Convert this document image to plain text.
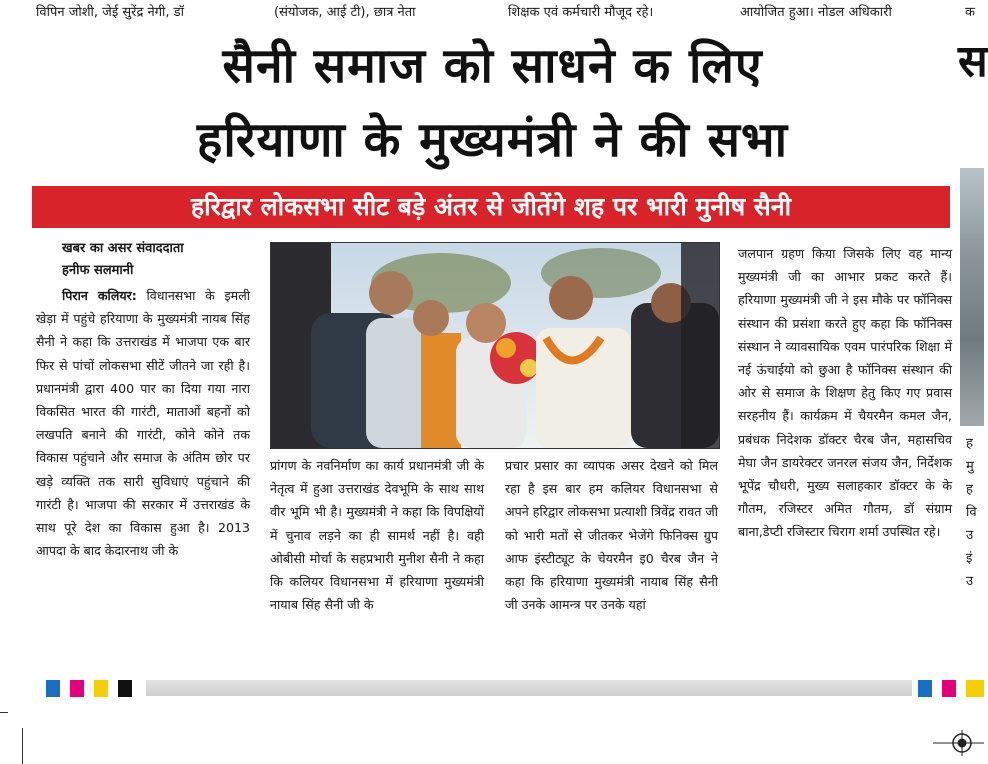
विपिन जोशी, जेई सुरेंद्र नेगी, डॉ	(संयोजक, आई टी), छात्र नेता	शिक्षक एवं कर्मचारी मौजूद रहे।	आयोजित हुआ। नोडल अधिकारी	क
सैनी समाज को साधने क लिए
हरियाणा के मुख्यमंत्री ने की सभा
हरिद्वार लोकसभा सीट बड़े अंतर से जीतेंगे शह पर भारी मुनीष सैनी
खबर का असर संवाददाता
हनीफ सलमानी

पिरान कलियर: विधानसभा के इमली खेड़ा में पहुंचे हरियाणा के मुख्यमंत्री नायब सिंह सैनी ने कहा कि उत्तराखंड में भाजपा एक बार फिर से पांचों लोकसभा सीटें जीतने जा रही है। प्रधानमंत्री द्वारा 400 पार का दिया गया नारा विकसित भारत की गारंटी, माताओं बहनों को लखपति बनाने की गारंटी, कोने कोने तक विकास पहुंचाने और समाज के अंतिम छोर पर खड़े व्यक्ति तक सारी सुविधाएं पहुंचाने की गारंटी है। भाजपा की सरकार में उत्तराखंड के साथ पूरे देश का विकास हुआ है। 2013 आपदा के बाद केदारनाथ जी के

प्रांगण के नवनिर्माण का कार्य प्रधानमंत्री जी के नेतृत्व में हुआ उत्तराखंड देवभूमि के साथ साथ वीर भूमि भी है। मुख्यमंत्री ने कहा कि विपक्षियों में चुनाव लड़ने का ही सामर्थ नहीं है। वही ओबीसी मोर्चा के सहप्रभारी मुनीश सैनी ने कहा कि कलियर विधानसभा में हरियाणा मुख्यमंत्री नायाब सिंह सैनी जी के

प्रचार प्रसार का व्यापक असर देखने को मिल रहा है इस बार हम कलियर विधानसभा से अपने हरिद्वार लोकसभा प्रत्याशी त्रिवेंद्र रावत जी को भारी मतों से जीतकर भेजेंगे फिनिक्स ग्रुप आफ इंस्टीट्यूट के चेयरमैन इ0 चैरब जैन ने कहा कि हरियाणा मुख्यमंत्री नायाब सिंह सैनी जी उनके आमन्त्र पर उनके यहां

जलपान ग्रहण किया जिसके लिए वह मान्य मुख्यमंत्री जी का आभार प्रकट करते हैं। हरियाणा मुख्यमंत्री जी ने इस मौके पर फॉनिक्स संस्थान की प्रसंशा करते हुए कहा कि फॉनिक्स संस्थान ने व्यावसायिक एवम पारंपरिक शिक्षा में नई ऊंचाईयो को छुआ है फॉनिक्स संस्थान की ओर से समाज के शिक्षण हेतु किए गए प्रवास सरहनीय हैं। कार्यक्रम में चैयरमैन कमल जैन, प्रबंधक निदेशक डॉक्टर चैरब जैन, महासचिव मेघा जैन डायरेक्टर जनरल संजय जैन, निर्देशक भूपेंद्र चौधरी, मुख्य सलाहकार डॉक्टर के के गौतम, रजिस्टर अमित गौतम, डॉ संग्राम बाना,डेप्टी रजिस्टार चिराग शर्मा उपस्थित रहे।

स
ह
मु
ह
वि
उ
इं
उ
